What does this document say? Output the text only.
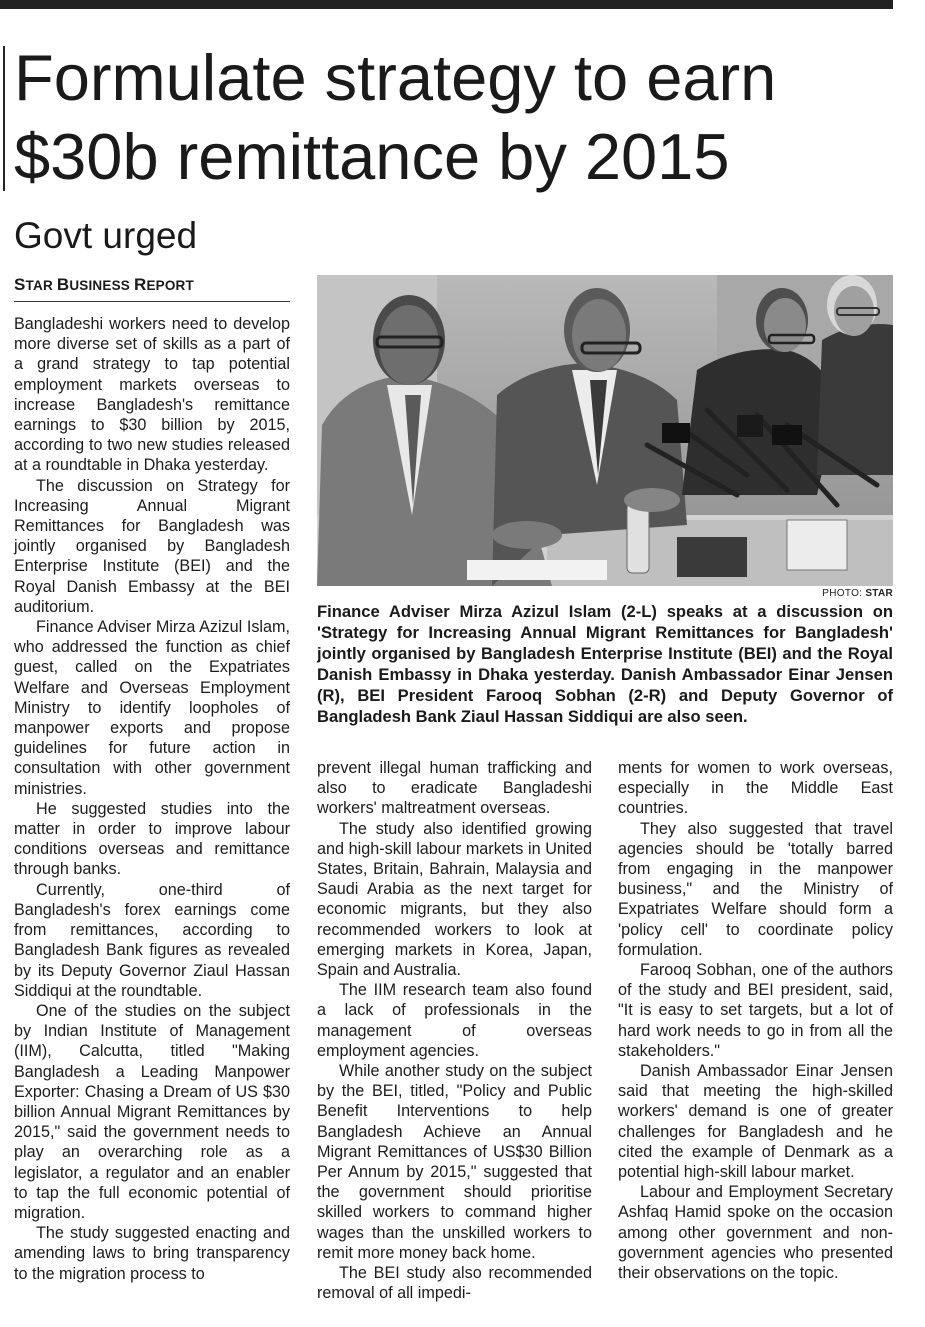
Formulate strategy to earn
$30b remittance by 2015
Govt urged
STAR BUSINESS REPORT

Bangladeshi workers need to develop more diverse set of skills as a part of a grand strategy to tap potential employment markets overseas to increase Bangladesh's remittance earnings to $30 billion by 2015, according to two new studies released at a roundtable in Dhaka yesterday.

The discussion on Strategy for Increasing Annual Migrant Remittances for Bangladesh was jointly organised by Bangladesh Enterprise Institute (BEI) and the Royal Danish Embassy at the BEI auditorium.

Finance Adviser Mirza Azizul Islam, who addressed the function as chief guest, called on the Expatriates Welfare and Overseas Employment Ministry to identify loopholes of manpower exports and propose guidelines for future action in consultation with other government ministries.

He suggested studies into the matter in order to improve labour conditions overseas and remittance through banks.

Currently, one-third of Bangladesh's forex earnings come from remittances, according to Bangladesh Bank figures as revealed by its Deputy Governor Ziaul Hassan Siddiqui at the roundtable.

One of the studies on the subject by Indian Institute of Management (IIM), Calcutta, titled "Making Bangladesh a Leading Manpower Exporter: Chasing a Dream of US $30 billion Annual Migrant Remittances by 2015," said the government needs to play an overarching role as a legislator, a regulator and an enabler to tap the full economic potential of migration.

The study suggested enacting and amending laws to bring transparency to the migration process to

PHOTO: STAR
Finance Adviser Mirza Azizul Islam (2-L) speaks at a discussion on 'Strategy for Increasing Annual Migrant Remittances for Bangladesh' jointly organised by Bangladesh Enterprise Institute (BEI) and the Royal Danish Embassy in Dhaka yesterday. Danish Ambassador Einar Jensen (R), BEI President Farooq Sobhan (2-R) and Deputy Governor of Bangladesh Bank Ziaul Hassan Siddiqui are also seen.

prevent illegal human trafficking and also to eradicate Bangladeshi workers' maltreatment overseas.

The study also identified growing and high-skill labour markets in United States, Britain, Bahrain, Malaysia and Saudi Arabia as the next target for economic migrants, but they also recommended workers to look at emerging markets in Korea, Japan, Spain and Australia.

The IIM research team also found a lack of professionals in the management of overseas employment agencies.

While another study on the subject by the BEI, titled, "Policy and Public Benefit Interventions to help Bangladesh Achieve an Annual Migrant Remittances of US$30 Billion Per Annum by 2015," suggested that the government should prioritise skilled workers to command higher wages than the unskilled workers to remit more money back home.

The BEI study also recommended removal of all impedi-

ments for women to work overseas, especially in the Middle East countries.

They also suggested that travel agencies should be 'totally barred from engaging in the manpower business," and the Ministry of Expatriates Welfare should form a 'policy cell' to coordinate policy formulation.

Farooq Sobhan, one of the authors of the study and BEI president, said, "It is easy to set targets, but a lot of hard work needs to go in from all the stakeholders."

Danish Ambassador Einar Jensen said that meeting the high-skilled workers' demand is one of greater challenges for Bangladesh and he cited the example of Denmark as a potential high-skill labour market.

Labour and Employment Secretary Ashfaq Hamid spoke on the occasion among other government and non-government agencies who presented their observations on the topic.
